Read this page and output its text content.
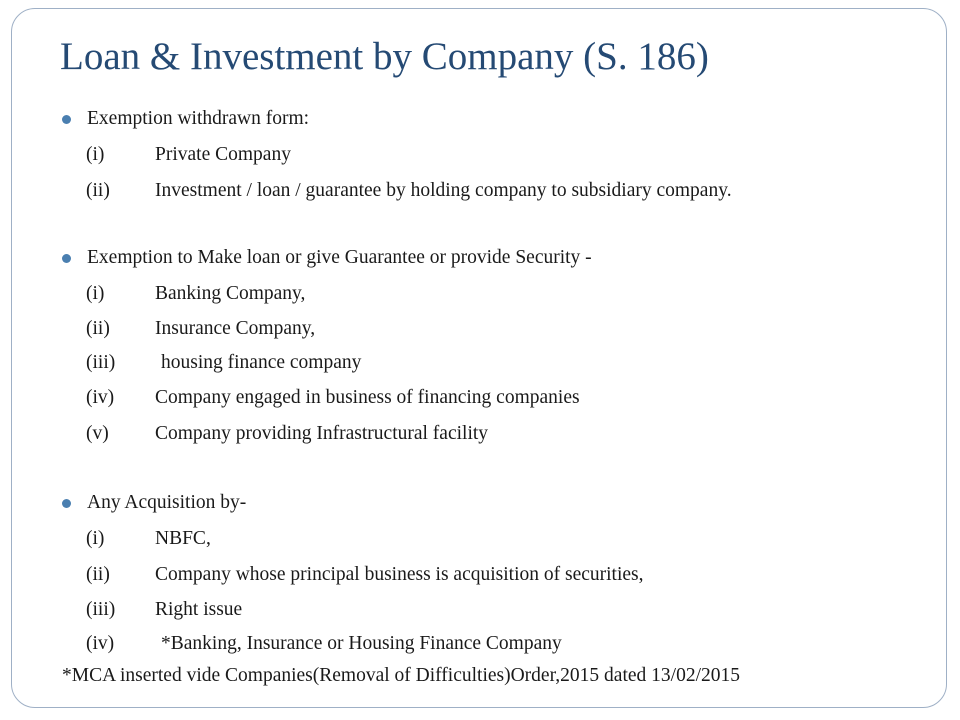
Loan & Investment by Company (S. 186)
Exemption withdrawn form:
(i)	Private Company
(ii) Investment / loan / guarantee by holding company to subsidiary company.
Exemption to Make loan or give Guarantee or provide Security -
(i)	Banking Company,
(ii) Insurance Company,
(iii) housing finance company
(iv) Company engaged in business of financing companies
(v) Company providing Infrastructural facility
Any Acquisition by-
(i)	NBFC,
(ii) Company whose principal business is acquisition of securities,
(iii) Right issue
(iv) *Banking, Insurance or Housing Finance Company
*MCA inserted vide Companies(Removal of Difficulties)Order,2015 dated 13/02/2015
